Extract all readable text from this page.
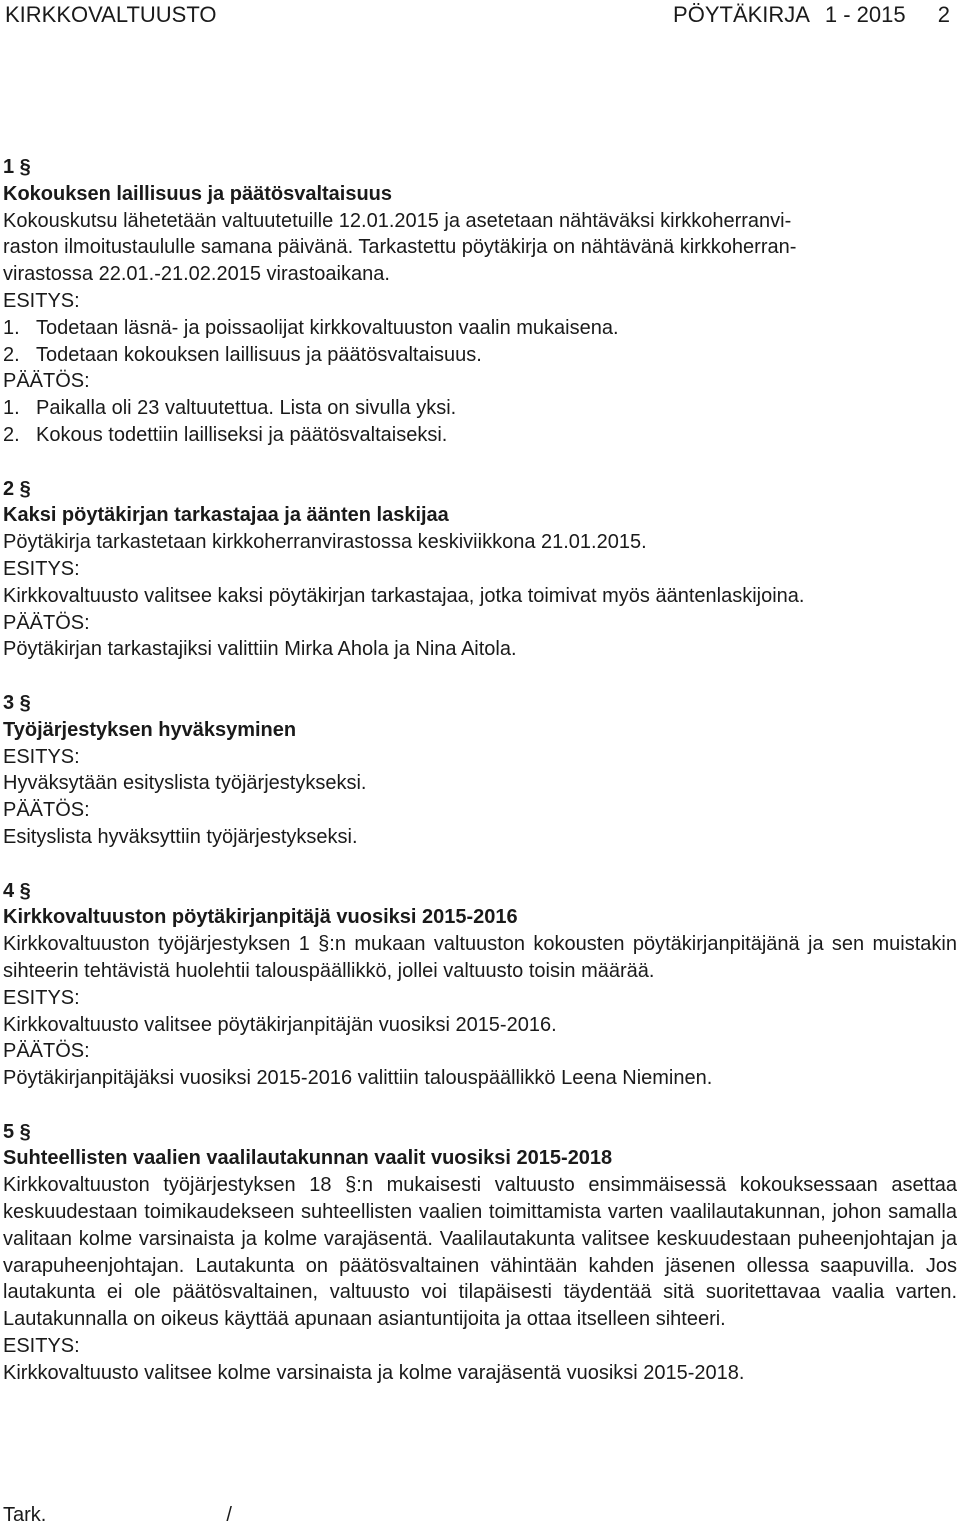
KIRKKOVALTUUSTO	PÖYTÄKIRJA 1 - 2015 2
1 §
Kokouksen laillisuus ja päätösvaltaisuus
Kokouskutsu lähetetään valtuutetuille 12.01.2015 ja asetetaan nähtäväksi kirkkoherranvi-
raston ilmoitustaululle samana päivänä. Tarkastettu pöytäkirja on nähtävänä kirkkoherran-
virastossa 22.01.-21.02.2015 virastoaikana.
ESITYS:
1. Todetaan läsnä- ja poissaolijat kirkkovaltuuston vaalin mukaisena.
2. Todetaan kokouksen laillisuus ja päätösvaltaisuus.
PÄÄTÖS:
1. Paikalla oli 23 valtuutettua. Lista on sivulla yksi.
2. Kokous todettiin lailliseksi ja päätösvaltaiseksi.
2 §
Kaksi pöytäkirjan tarkastajaa ja äänten laskijaa
Pöytäkirja tarkastetaan kirkkoherranvirastossa keskiviikkona 21.01.2015.
ESITYS:
Kirkkovaltuusto valitsee kaksi pöytäkirjan tarkastajaa, jotka toimivat myös ääntenlaskijoina.
PÄÄTÖS:
Pöytäkirjan tarkastajiksi valittiin Mirka Ahola ja Nina Aitola.
3 §
Työjärjestyksen hyväksyminen
ESITYS:
Hyväksytään esityslista työjärjestykseksi.
PÄÄTÖS:
Esityslista hyväksyttiin työjärjestykseksi.
4 §
Kirkkovaltuuston pöytäkirjanpitäjä vuosiksi 2015-2016
Kirkkovaltuuston työjärjestyksen 1 §:n mukaan valtuuston kokousten pöytäkirjanpitäjänä ja sen muistakin sihteerin tehtävistä huolehtii talouspäällikkö, jollei valtuusto toisin määrää.
ESITYS:
Kirkkovaltuusto valitsee pöytäkirjanpitäjän vuosiksi 2015-2016.
PÄÄTÖS:
Pöytäkirjanpitäjäksi vuosiksi 2015-2016 valittiin talouspäällikkö Leena Nieminen.
5 §
Suhteellisten vaalien vaalilautakunnan vaalit vuosiksi 2015-2018
Kirkkovaltuuston työjärjestyksen 18 §:n mukaisesti valtuusto ensimmäisessä kokouksessaan asettaa keskuudestaan toimikaudekseen suhteellisten vaalien toimittamista varten vaalilautakunnan, johon samalla valitaan kolme varsinaista ja kolme varajäsentä. Vaalilautakunta valitsee keskuudestaan puheenjohtajan ja varapuheenjohtajan. Lautakunta on päätösvaltainen vähintään kahden jäsenen ollessa saapuvilla. Jos lautakunta ei ole päätösvaltainen, valtuusto voi tilapäisesti täydentää sitä suoritettavaa vaalia varten. Lautakunnalla on oikeus käyttää apunaan asiantuntijoita ja ottaa itselleen sihteeri.
ESITYS:
Kirkkovaltuusto valitsee kolme varsinaista ja kolme varajäsentä vuosiksi 2015-2018.
Tark.	/
